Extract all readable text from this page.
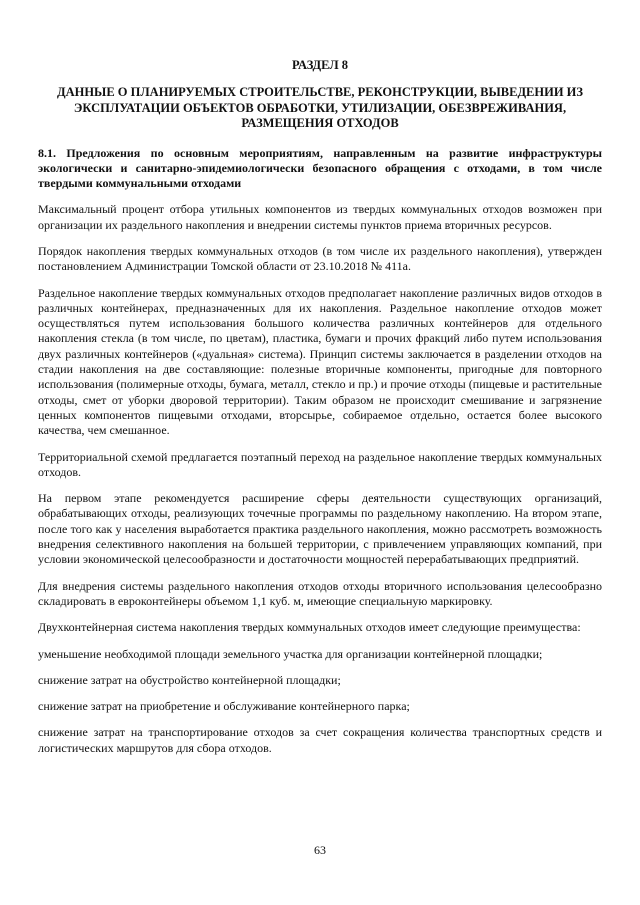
РАЗДЕЛ 8
ДАННЫЕ О ПЛАНИРУЕМЫХ СТРОИТЕЛЬСТВЕ, РЕКОНСТРУКЦИИ, ВЫВЕДЕНИИ ИЗ ЭКСПЛУАТАЦИИ ОБЪЕКТОВ ОБРАБОТКИ, УТИЛИЗАЦИИ, ОБЕЗВРЕЖИВАНИЯ, РАЗМЕЩЕНИЯ ОТХОДОВ
8.1. Предложения по основным мероприятиям, направленным на развитие инфраструктуры экологически и санитарно-эпидемиологически безопасного обращения с отходами, в том числе твердыми коммунальными отходами

Максимальный процент отбора утильных компонентов из твердых коммунальных отходов возможен при организации их раздельного накопления и внедрении системы пунктов приема вторичных ресурсов.

Порядок накопления твердых коммунальных отходов (в том числе их раздельного накопления), утвержден постановлением Администрации Томской области от 23.10.2018 № 411а.

Раздельное накопление твердых коммунальных отходов предполагает накопление различных видов отходов в различных контейнерах, предназначенных для их накопления. Раздельное накопление отходов может осуществляться путем использования большого количества различных контейнеров для отдельного накопления стекла (в том числе, по цветам), пластика, бумаги и прочих фракций либо путем использования двух различных контейнеров («дуальная» система). Принцип системы заключается в разделении отходов на стадии накопления на две составляющие: полезные вторичные компоненты, пригодные для повторного использования (полимерные отходы, бумага, металл, стекло и пр.) и прочие отходы (пищевые и растительные отходы, смет от уборки дворовой территории). Таким образом не происходит смешивание и загрязнение ценных компонентов пищевыми отходами, вторсырье, собираемое отдельно, остается более высокого качества, чем смешанное.

Территориальной схемой предлагается поэтапный переход на раздельное накопление твердых коммунальных отходов.

На первом этапе рекомендуется расширение сферы деятельности существующих организаций, обрабатывающих отходы, реализующих точечные программы по раздельному накоплению. На втором этапе, после того как у населения выработается практика раздельного накопления, можно рассмотреть возможность внедрения селективного накопления на большей территории, с привлечением управляющих компаний, при условии экономической целесообразности и достаточности мощностей перерабатывающих предприятий.

Для внедрения системы раздельного накопления отходов отходы вторичного использования целесообразно складировать в евроконтейнеры объемом 1,1 куб. м, имеющие специальную маркировку.

Двухконтейнерная система накопления твердых коммунальных отходов имеет следующие преимущества:

уменьшение необходимой площади земельного участка для организации контейнерной площадки;

снижение затрат на обустройство контейнерной площадки;

снижение затрат на приобретение и обслуживание контейнерного парка;

снижение затрат на транспортирование отходов за счет сокращения количества транспортных средств и логистических маршрутов для сбора отходов.

63
